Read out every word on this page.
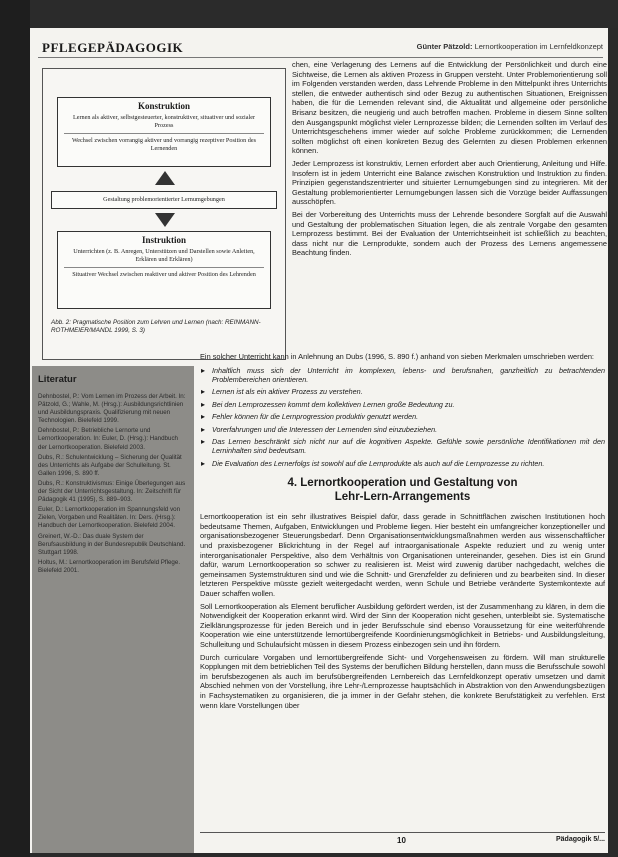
PFLEGEPÄDAGOGIK	Günter Pätzold: Lernortkooperation im Lernfeldkonzept
Konstruktion

Lernen als aktiver, selbstgesteuerter, konstruktiver, situativer und sozialer Prozess

Wechsel zwischen vorrangig aktiver und vorrangig rezeptiver Position des Lernenden

Gestaltung problemorientierter Lernumgebungen

Instruktion

Unterrichten (z. B. Anregen, Unterstützen und Darstellen sowie Anleiten, Erklären und Erklären)

Situativer Wechsel zwischen reaktiver und aktiver Position des Lehrenden

Abb. 2: Pragmatische Position zum Lehren und Lernen (nach: REINMANN-ROTHMEIER/MANDL 1999, S. 3)

chen, eine Verlagerung des Lernens auf die Entwicklung der Persönlichkeit und durch eine Sichtweise, die Lernen als aktiven Prozess in Gruppen versteht. Unter Problemorientierung soll im Folgenden verstanden werden, dass Lehrende Probleme in den Mittelpunkt ihres Unterrichts stellen, die entweder authentisch sind oder Bezug zu authentischen Situationen, Ereignissen haben, die für die Lernenden relevant sind, die Aktualität und allgemeine oder persönliche Brisanz besitzen, die neugierig und auch betroffen machen. Probleme in diesem Sinne sollten den Ausgangspunkt möglichst vieler Lernprozesse bilden; die Lernenden sollten im Verlauf des Unterrichtsgeschehens immer wieder auf solche Probleme zurückkommen; die Lernenden sollten möglichst oft einen konkreten Bezug des Gelernten zu diesen Problemen erkennen können.

Jeder Lernprozess ist konstruktiv, Lernen erfordert aber auch Orientierung, Anleitung und Hilfe. Insofern ist in jedem Unterricht eine Balance zwischen Konstruktion und Instruktion zu finden. Prinzipien gegenstandszentrierter und situierter Lernumgebungen sind zu integrieren. Mit der Gestaltung problemorientierter Lernumgebungen lassen sich die Vorzüge beider Auffassungen ausschöpfen.

Bei der Vorbereitung des Unterrichts muss der Lehrende besondere Sorgfalt auf die Auswahl und Gestaltung der problematischen Situation legen, die als zentrale Vorgabe den gesamten Lernprozess bestimmt. Bei der Evaluation der Unterrichtseinheit ist schließlich zu beachten, dass nicht nur die Lernprodukte, sondern auch der Prozess des Lernens angemessene Beachtung finden.

Literatur

Dehnbostel, P.: Vom Lernen im Prozess der Arbeit. In: Pätzold, G.; Wahle, M. (Hrsg.): Ausbildungsrichtlinien und Ausbildungspraxis. Qualifizierung mit neuen Technologien. Bielefeld 1999.

Dehnbostel, P.: Betriebliche Lernorte und Lernortkooperation. In: Euler, D. (Hrsg.): Handbuch der Lernortkooperation. Bielefeld 2003.

Dubs, R.: Schulentwicklung – Sicherung der Qualität des Unterrichts als Aufgabe der Schulleitung. St. Gallen 1996, S. 890 ff.

Dubs, R.: Konstruktivismus: Einige Überlegungen aus der Sicht der Unterrichtsgestaltung. In: Zeitschrift für Pädagogik 41 (1995), S. 889–903.

Euler, D.: Lernortkooperation im Spannungsfeld von Zielen, Vorgaben und Realitäten. In: Ders. (Hrsg.): Handbuch der Lernortkooperation. Bielefeld 2004.

Greinert, W.-D.: Das duale System der Berufsausbildung in der Bundesrepublik Deutschland. Stuttgart 1998.

Holtus, M.: Lernortkooperation im Berufsfeld Pflege. Bielefeld 2001.

Ein solcher Unterricht kann in Anlehnung an Dubs (1996, S. 890 f.) anhand von sieben Merkmalen umschrieben werden:

▸ Inhaltlich muss sich der Unterricht im komplexen, lebens- und berufsnahen, ganzheitlich zu betrachtenden Problembereichen orientieren.
▸ Lernen ist als ein aktiver Prozess zu verstehen.
▸ Bei den Lernprozessen kommt dem kollektiven Lernen große Bedeutung zu.
▸ Fehler können für die Lernprogression produktiv genutzt werden.
▸ Vorerfahrungen und die Interessen der Lernenden sind einzubeziehen.
▸ Das Lernen beschränkt sich nicht nur auf die kognitiven Aspekte. Gefühle sowie persönliche Identifikationen mit den Lerninhalten sind bedeutsam.
▸ Die Evaluation des Lernerfolgs ist sowohl auf die Lernprodukte als auch auf die Lernprozesse zu richten.
4. Lernortkooperation und Gestaltung von
Lehr-Lern-Arrangements

Lernortkooperation ist ein sehr illustratives Beispiel dafür, dass gerade in Schnittflächen zwischen Institutionen hoch bedeutsame Themen, Aufgaben, Entwicklungen und Probleme liegen. Hier besteht ein umfangreicher konzeptioneller und organisationsbezogener Steuerungsbedarf. Denn Organisationsentwicklungsmaßnahmen werden aus wissenschaftlicher und praxisbezogener Blickrichtung in der Regel auf intraorganisationale Aspekte reduziert und zu wenig unter interorganisationaler Perspektive, also dem Verhältnis von Organisationen untereinander, gesehen. Dies ist ein Grund dafür, warum Lernortkooperation so schwer zu realisieren ist. Meist wird zuwenig darüber nachgedacht, welches die gemeinsamen Systemstrukturen sind und wie die Schnitt- und Grenzfelder zu definieren und zu bearbeiten sind. In dieser letzteren Perspektive müsste gezielt weitergedacht werden, wenn Schule und Betriebe veränderte Systemkontexte auf Dauer schaffen wollen.

Soll Lernortkooperation als Element beruflicher Ausbildung gefördert werden, ist der Zusammenhang zu klären, in dem die Notwendigkeit der Kooperation erkannt wird. Wird der Sinn der Kooperation nicht gesehen, unterbleibt sie. Systematische Zielklärungsprozesse für jeden Bereich und in jeder Berufsschule sind ebenso Voraussetzung für eine weiterführende Kooperation wie eine unterstützende lernortübergreifende Koordinierungsmöglichkeit in Betriebs- und Ausbildungsleitung, Schulleitung und Schulaufsicht müssen in diesem Prozess einbezogen sein und ihn fördern.

Durch curriculare Vorgaben und lernortübergreifende Sicht- und Vorgehensweisen zu fördern. Will man strukturelle Kopplungen mit dem betrieblichen Teil des Systems der beruflichen Bildung herstellen, dann muss die Berufsschule sowohl im berufsbezogenen als auch im berufsübergreifenden Lernbereich das Lernfeldkonzept operativ umsetzen und damit Abschied nehmen von der Vorstellung, ihre Lehr-/Lernprozesse hauptsächlich in Abstraktion von den Anwendungsbezügen in Fachsystematiken zu organisieren, die ja immer in der Gefahr stehen, die konkrete Berufstätigkeit zu verfehlen. Erst wenn klare Vorstellungen über

10	Pädagogik 5/...
